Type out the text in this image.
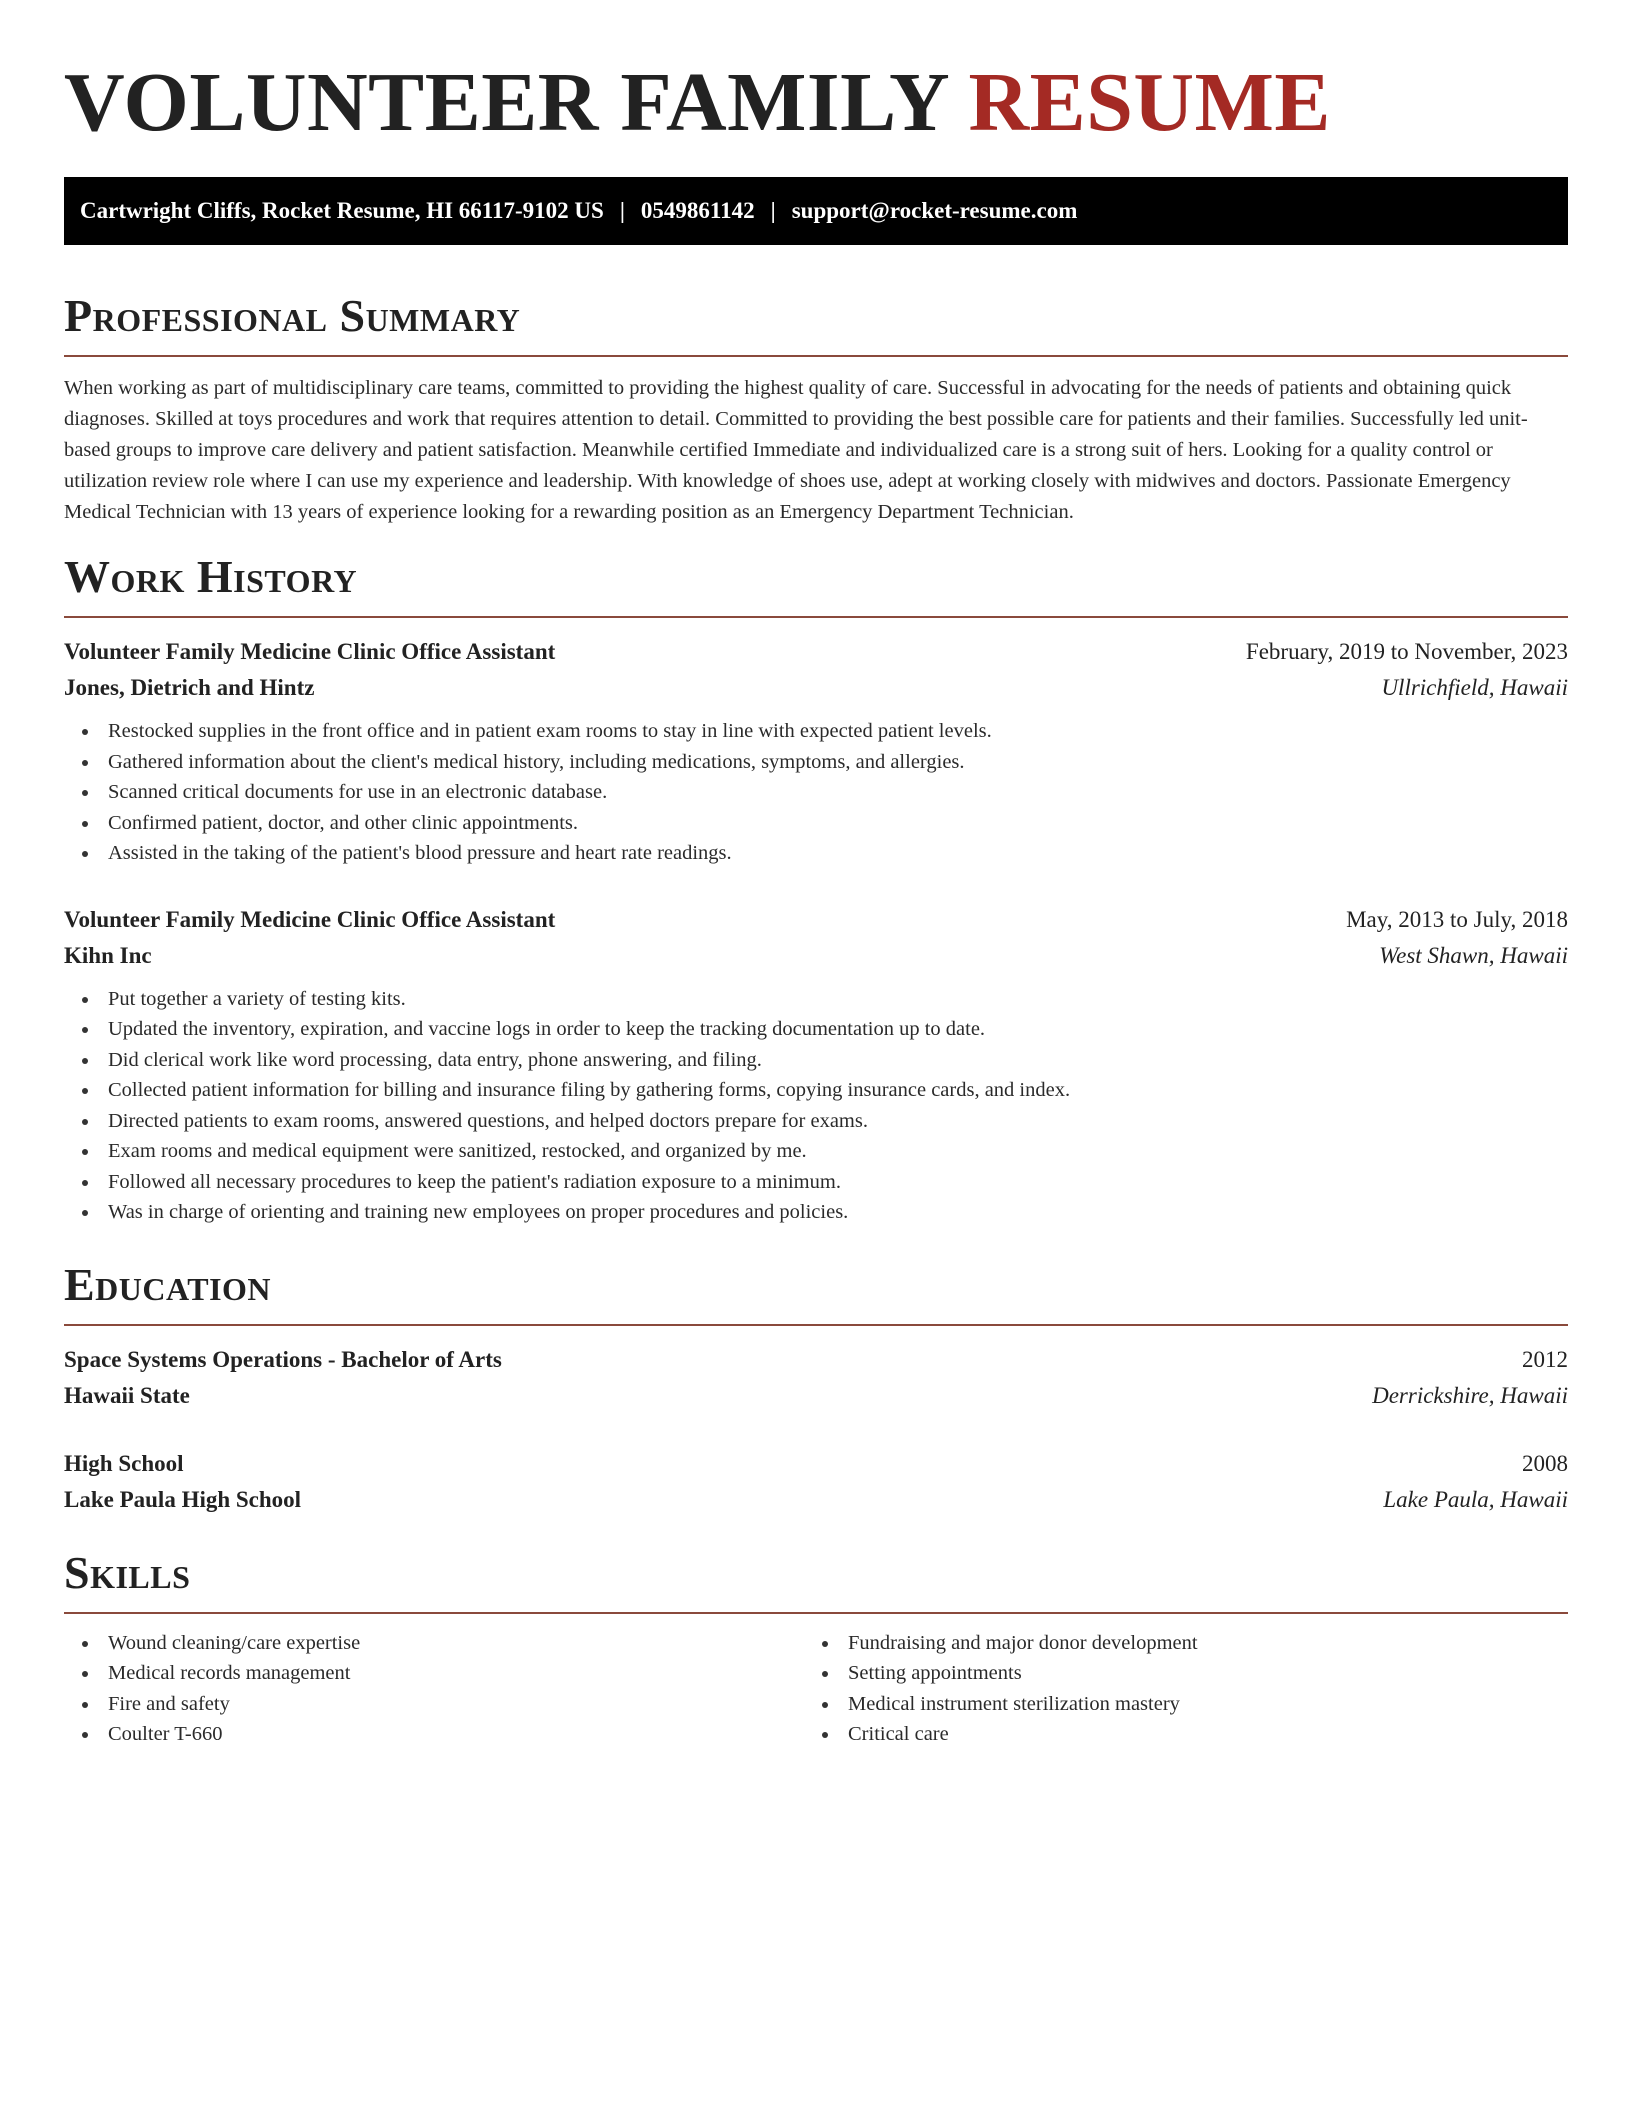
VOLUNTEER FAMILY RESUME
Cartwright Cliffs, Rocket Resume, HI 66117-9102 US | 0549861142 | support@rocket-resume.com
Professional Summary

When working as part of multidisciplinary care teams, committed to providing the highest quality of care. Successful in advocating for the needs of patients and obtaining quick diagnoses. Skilled at toys procedures and work that requires attention to detail. Committed to providing the best possible care for patients and their families. Successfully led unit-based groups to improve care delivery and patient satisfaction. Meanwhile certified Immediate and individualized care is a strong suit of hers. Looking for a quality control or utilization review role where I can use my experience and leadership. With knowledge of shoes use, adept at working closely with midwives and doctors. Passionate Emergency Medical Technician with 13 years of experience looking for a rewarding position as an Emergency Department Technician.

Work History
Volunteer Family Medicine Clinic Office Assistant	February, 2019 to November, 2023
Jones, Dietrich and Hintz	Ullrichfield, Hawaii
Restocked supplies in the front office and in patient exam rooms to stay in line with expected patient levels.
Gathered information about the client's medical history, including medications, symptoms, and allergies.
Scanned critical documents for use in an electronic database.
Confirmed patient, doctor, and other clinic appointments.
Assisted in the taking of the patient's blood pressure and heart rate readings.
Volunteer Family Medicine Clinic Office Assistant	May, 2013 to July, 2018
Kihn Inc	West Shawn, Hawaii
Put together a variety of testing kits.
Updated the inventory, expiration, and vaccine logs in order to keep the tracking documentation up to date.
Did clerical work like word processing, data entry, phone answering, and filing.
Collected patient information for billing and insurance filing by gathering forms, copying insurance cards, and index.
Directed patients to exam rooms, answered questions, and helped doctors prepare for exams.
Exam rooms and medical equipment were sanitized, restocked, and organized by me.
Followed all necessary procedures to keep the patient's radiation exposure to a minimum.
Was in charge of orienting and training new employees on proper procedures and policies.
Education
Space Systems Operations - Bachelor of Arts	2012
Hawaii State	Derrickshire, Hawaii
High School	2008
Lake Paula High School	Lake Paula, Hawaii
Skills
Wound cleaning/care expertise
Medical records management
Fire and safety
Coulter T-660
Fundraising and major donor development
Setting appointments
Medical instrument sterilization mastery
Critical care
